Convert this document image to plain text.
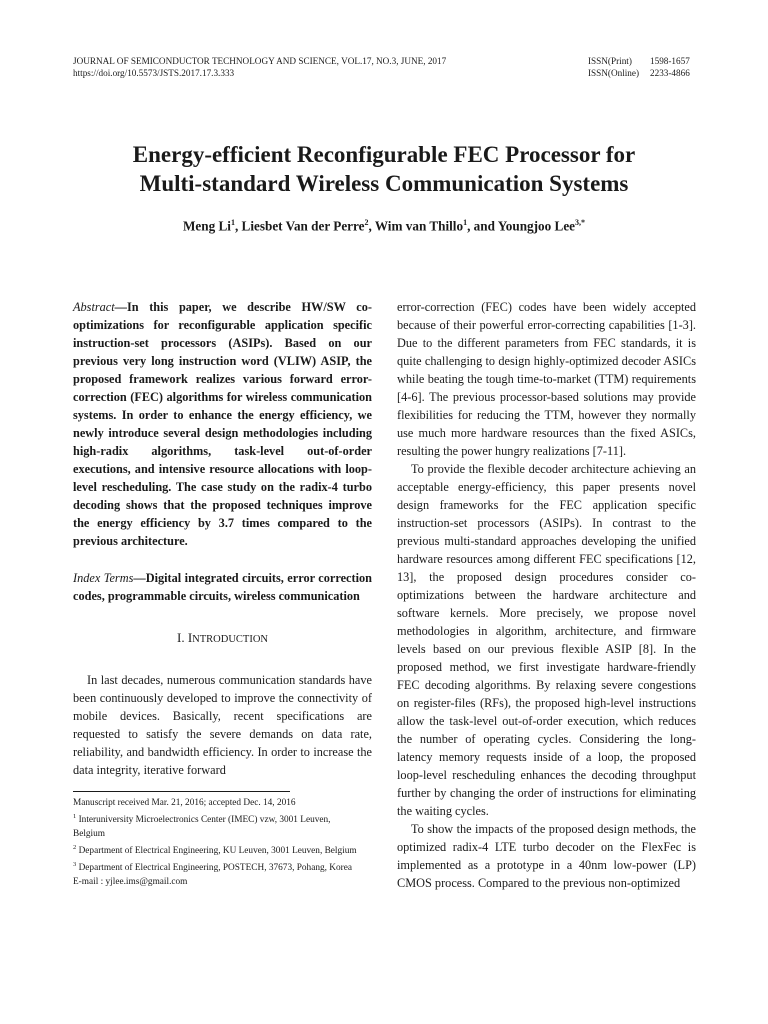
JOURNAL OF SEMICONDUCTOR TECHNOLOGY AND SCIENCE, VOL.17, NO.3, JUNE, 2017
https://doi.org/10.5573/JSTS.2017.17.3.333
ISSN(Print)	1598-1657
ISSN(Online)	2233-4866
Energy-efficient Reconfigurable FEC Processor for
Multi-standard Wireless Communication Systems
Meng Li$^1$, Liesbet Van der Perre$^2$, Wim van Thillo$^1$, and Youngjoo Lee$^{3,*}$

Abstract—In this paper, we describe HW/SW co-optimizations for reconfigurable application specific instruction-set processors (ASIPs). Based on our previous very long instruction word (VLIW) ASIP, the proposed framework realizes various forward error-correction (FEC) algorithms for wireless communication systems. In order to enhance the energy efficiency, we newly introduce several design methodologies including high-radix algorithms, task-level out-of-order executions, and intensive resource allocations with loop-level rescheduling. The case study on the radix-4 turbo decoding shows that the proposed techniques improve the energy efficiency by 3.7 times compared to the previous architecture.

Index Terms—Digital integrated circuits, error correction codes, programmable circuits, wireless communication

I. INTRODUCTION

In last decades, numerous communication standards have been continuously developed to improve the connectivity of mobile devices. Basically, recent specifications are requested to satisfy the severe demands on data rate, reliability, and bandwidth efficiency. In order to increase the data integrity, iterative forward

Manuscript received Mar. 21, 2016; accepted Dec. 14, 2016

$^1$ Interuniversity Microelectronics Center (IMEC) vzw, 3001 Leuven, Belgium

$^2$ Department of Electrical Engineering, KU Leuven, 3001 Leuven, Belgium

$^3$ Department of Electrical Engineering, POSTECH, 37673, Pohang, Korea

E-mail : yjlee.ims@gmail.com

error-correction (FEC) codes have been widely accepted because of their powerful error-correcting capabilities [1-3]. Due to the different parameters from FEC standards, it is quite challenging to design highly-optimized decoder ASICs while beating the tough time-to-market (TTM) requirements [4-6]. The previous processor-based solutions may provide flexibilities for reducing the TTM, however they normally use much more hardware resources than the fixed ASICs, resulting the power hungry realizations [7-11].

To provide the flexible decoder architecture achieving an acceptable energy-efficiency, this paper presents novel design frameworks for the FEC application specific instruction-set processors (ASIPs). In contrast to the previous multi-standard approaches developing the unified hardware resources among different FEC specifications [12, 13], the proposed design procedures consider co-optimizations between the hardware architecture and software kernels. More precisely, we propose novel methodologies in algorithm, architecture, and firmware levels based on our previous flexible ASIP [8]. In the proposed method, we first investigate hardware-friendly FEC decoding algorithms. By relaxing severe congestions on register-files (RFs), the proposed high-level instructions allow the task-level out-of-order execution, which reduces the number of operating cycles. Considering the long-latency memory requests inside of a loop, the proposed loop-level rescheduling enhances the decoding throughput further by changing the order of instructions for eliminating the waiting cycles.

To show the impacts of the proposed design methods, the optimized radix-4 LTE turbo decoder on the FlexFec is implemented as a prototype in a 40nm low-power (LP) CMOS process. Compared to the previous non-optimized
